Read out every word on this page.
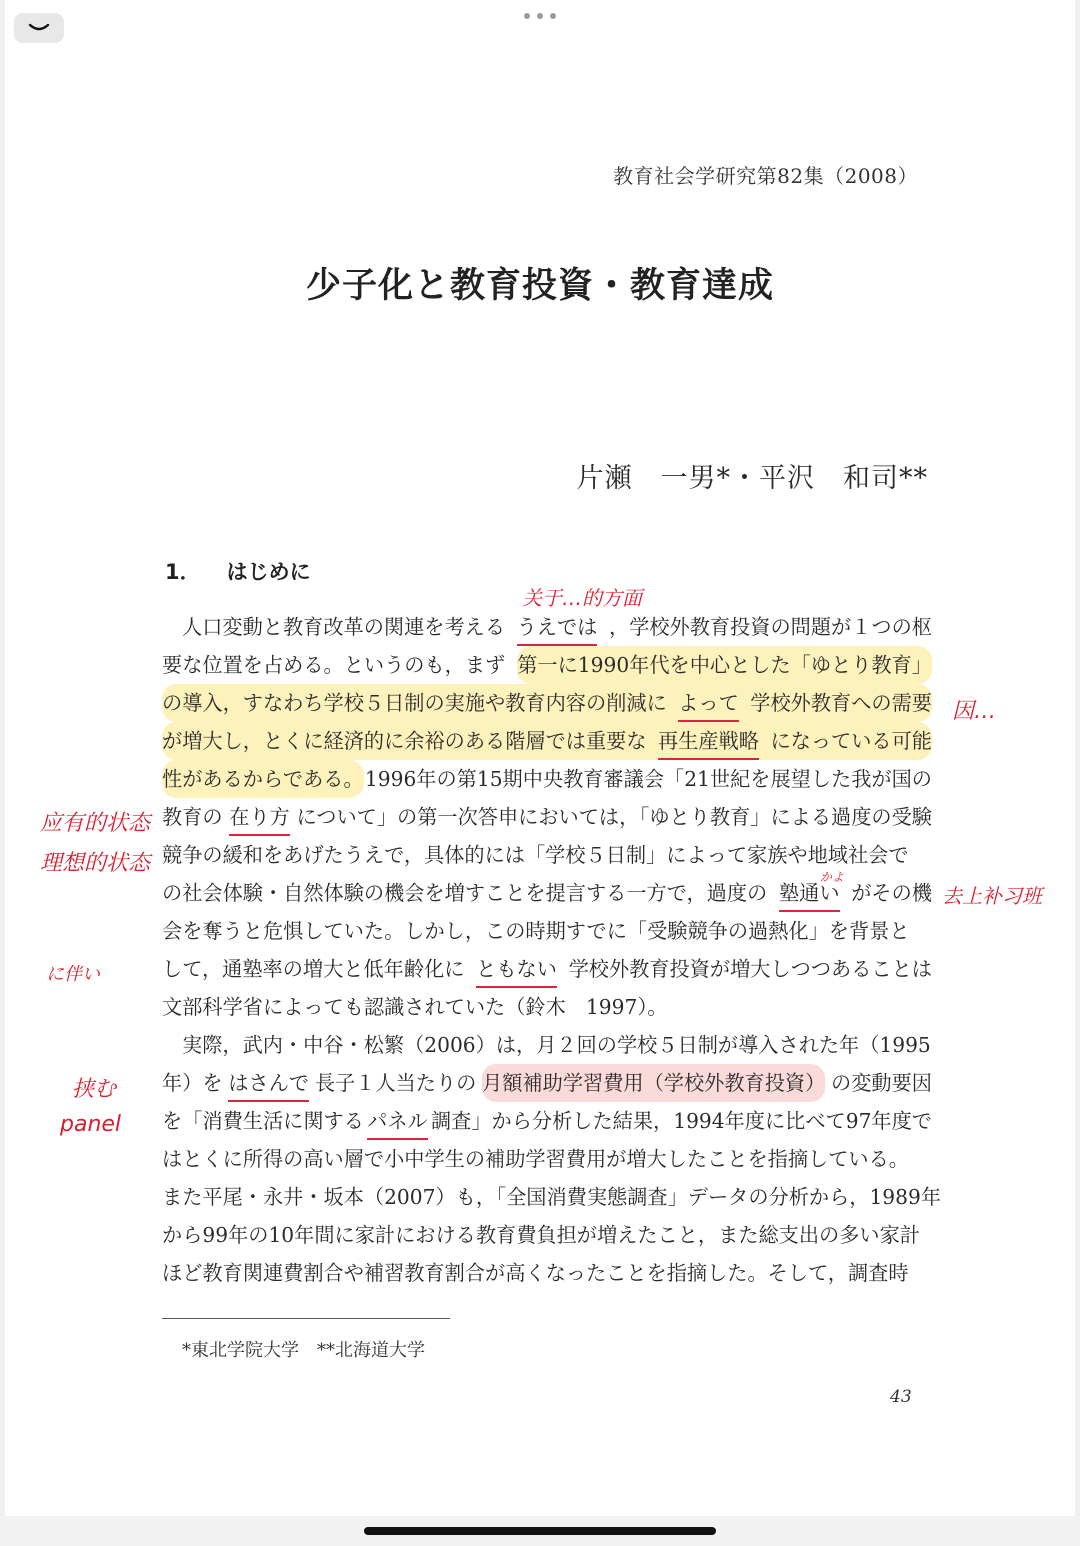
教育社会学研究第82集（2008）
少子化と教育投資・教育達成
片瀬　一男*・平沢　和司**
1． はじめに
人口変動と教育改革の関連を考える うえでは ，学校外教育投資の問題が１つの枢
要な位置を占める。というのも，まず 第一に1990年代を中心とした「ゆとり教育」
の導入，すなわち学校５日制の実施や教育内容の削減に よって 学校外教育への需要
が増大し，とくに経済的に余裕のある階層では重要な 再生産戦略 になっている可能
性があるからである。 1996年の第15期中央教育審議会「21世紀を展望した我が国の
教育の 在り方 について」の第一次答申においては，「ゆとり教育」による過度の受験
競争の緩和をあげたうえで，具体的には「学校５日制」によって家族や地域社会で
の社会体験・自然体験の機会を増すことを提言する一方で，過度の 塾通い がその機
会を奪うと危惧していた。しかし，この時期すでに「受験競争の過熱化」を背景と
して，通塾率の増大と低年齢化に ともない 学校外教育投資が増大しつつあることは
文部科学省によっても認識されていた（鈴木　1997）。
実際，武内・中谷・松繁（2006）は，月２回の学校５日制が導入された年（1995
年）を はさんで 長子１人当たりの 月額補助学習費用（学校外教育投資） の変動要因
を「消費生活に関する パネル 調査」から分析した結果，1994年度に比べて97年度で
はとくに所得の高い層で小中学生の補助学習費用が増大したことを指摘している。
また平尾・永井・坂本（2007）も，「全国消費実態調査」データの分析から，1989年
から99年の10年間に家計における教育費負担が増えたこと，また総支出の多い家計
ほど教育関連費割合や補習教育割合が高くなったことを指摘した。そして，調査時
关于…的方面
因…
应有的状态
理想的状态
かよ
去上补习班
に伴い
挟む
panel
*東北学院大学　**北海道大学
43
